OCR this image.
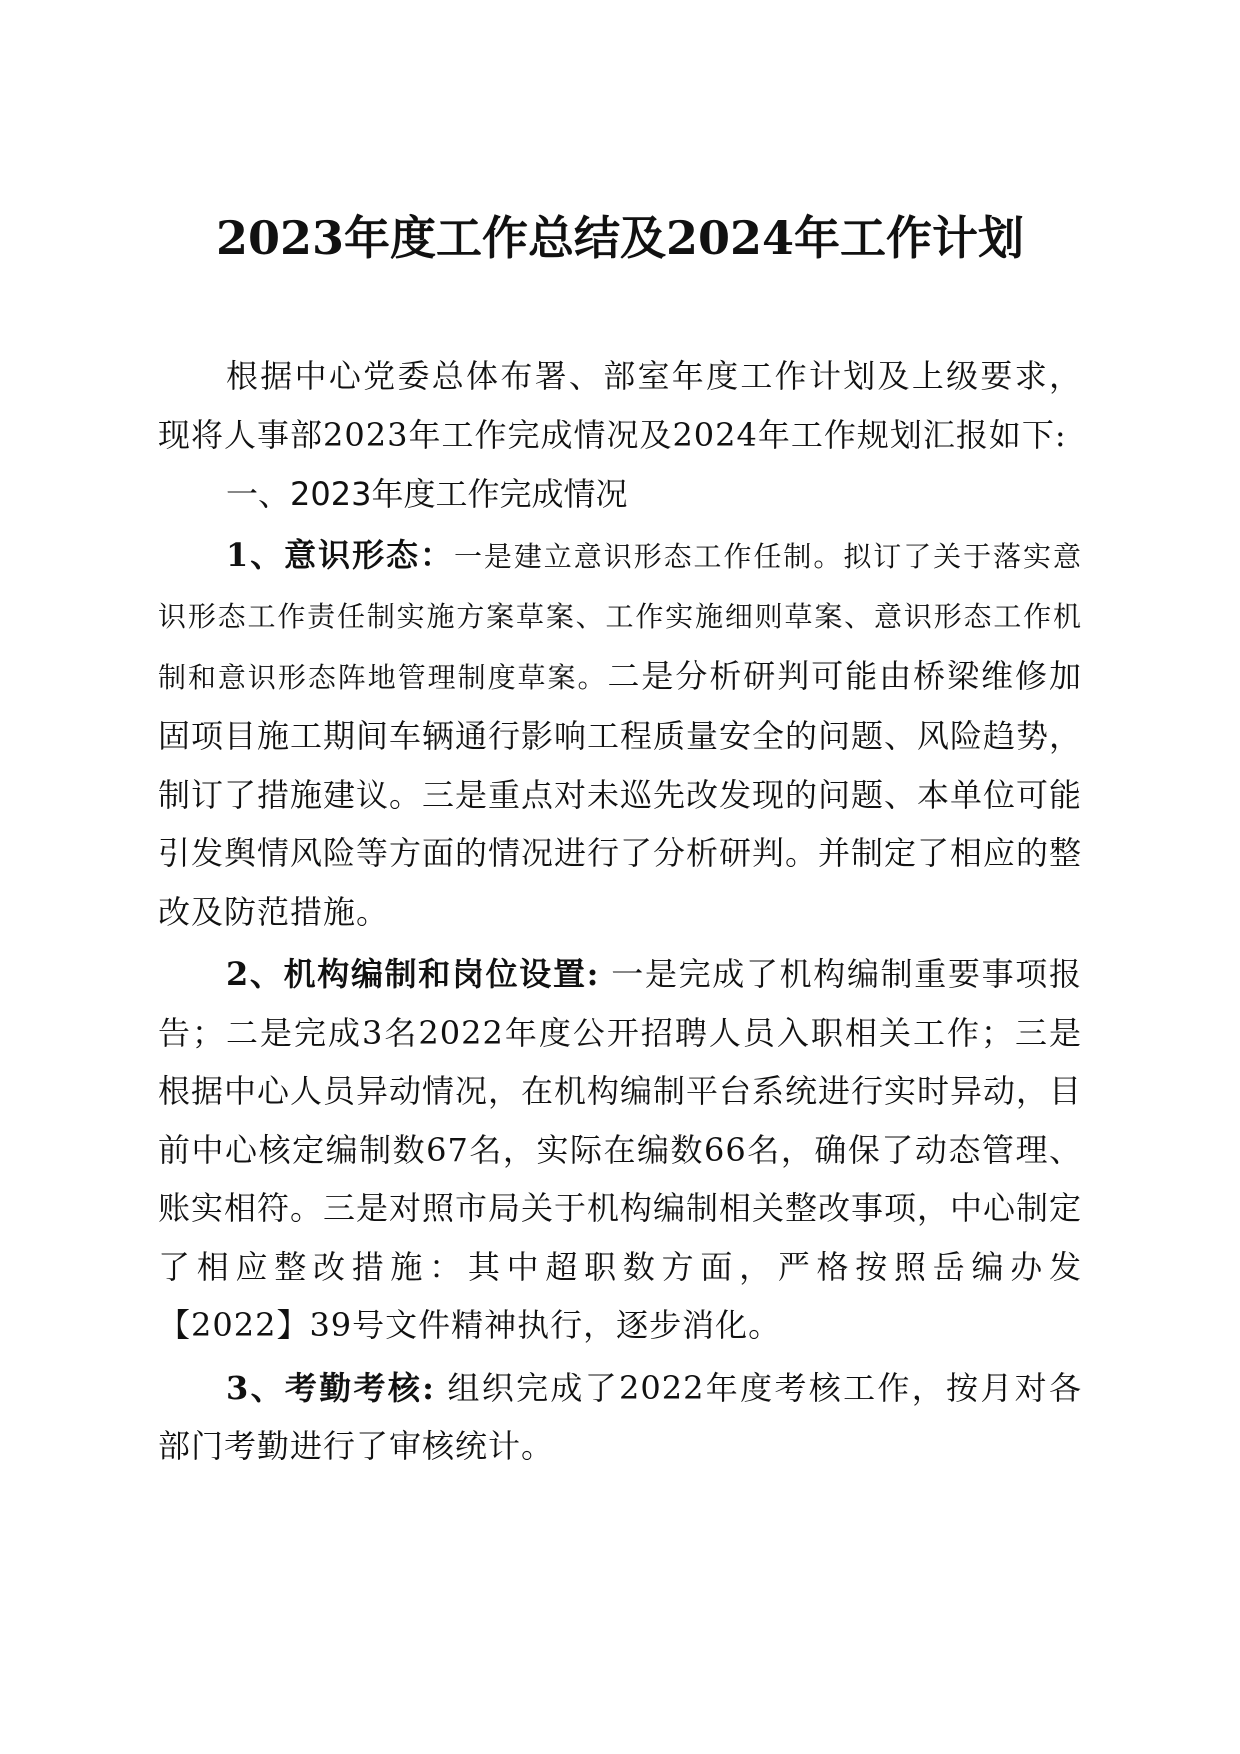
2023年度工作总结及2024年工作计划

根据中心党委总体布署、部室年度工作计划及上级要求，现将人事部2023年工作完成情况及2024年工作规划汇报如下:

一、2023年度工作完成情况

1、意识形态：一是建立意识形态工作任制。拟订了关于落实意识形态工作责任制实施方案草案、工作实施细则草案、意识形态工作机制和意识形态阵地管理制度草案。二是分析研判可能由桥梁维修加固项目施工期间车辆通行影响工程质量安全的问题、风险趋势，制订了措施建议。三是重点对未巡先改发现的问题、本单位可能引发舆情风险等方面的情况进行了分析研判。并制定了相应的整改及防范措施。

2、机构编制和岗位设置: 一是完成了机构编制重要事项报告；二是完成3名2022年度公开招聘人员入职相关工作；三是根据中心人员异动情况，在机构编制平台系统进行实时异动，目前中心核定编制数67名，实际在编数66名，确保了动态管理、账实相符。三是对照市局关于机构编制相关整改事项，中心制定了相应整改措施：其中超职数方面，严格按照岳编办发【2022】39号文件精神执行，逐步消化。

3、考勤考核: 组织完成了2022年度考核工作，按月对各部门考勤进行了审核统计。
